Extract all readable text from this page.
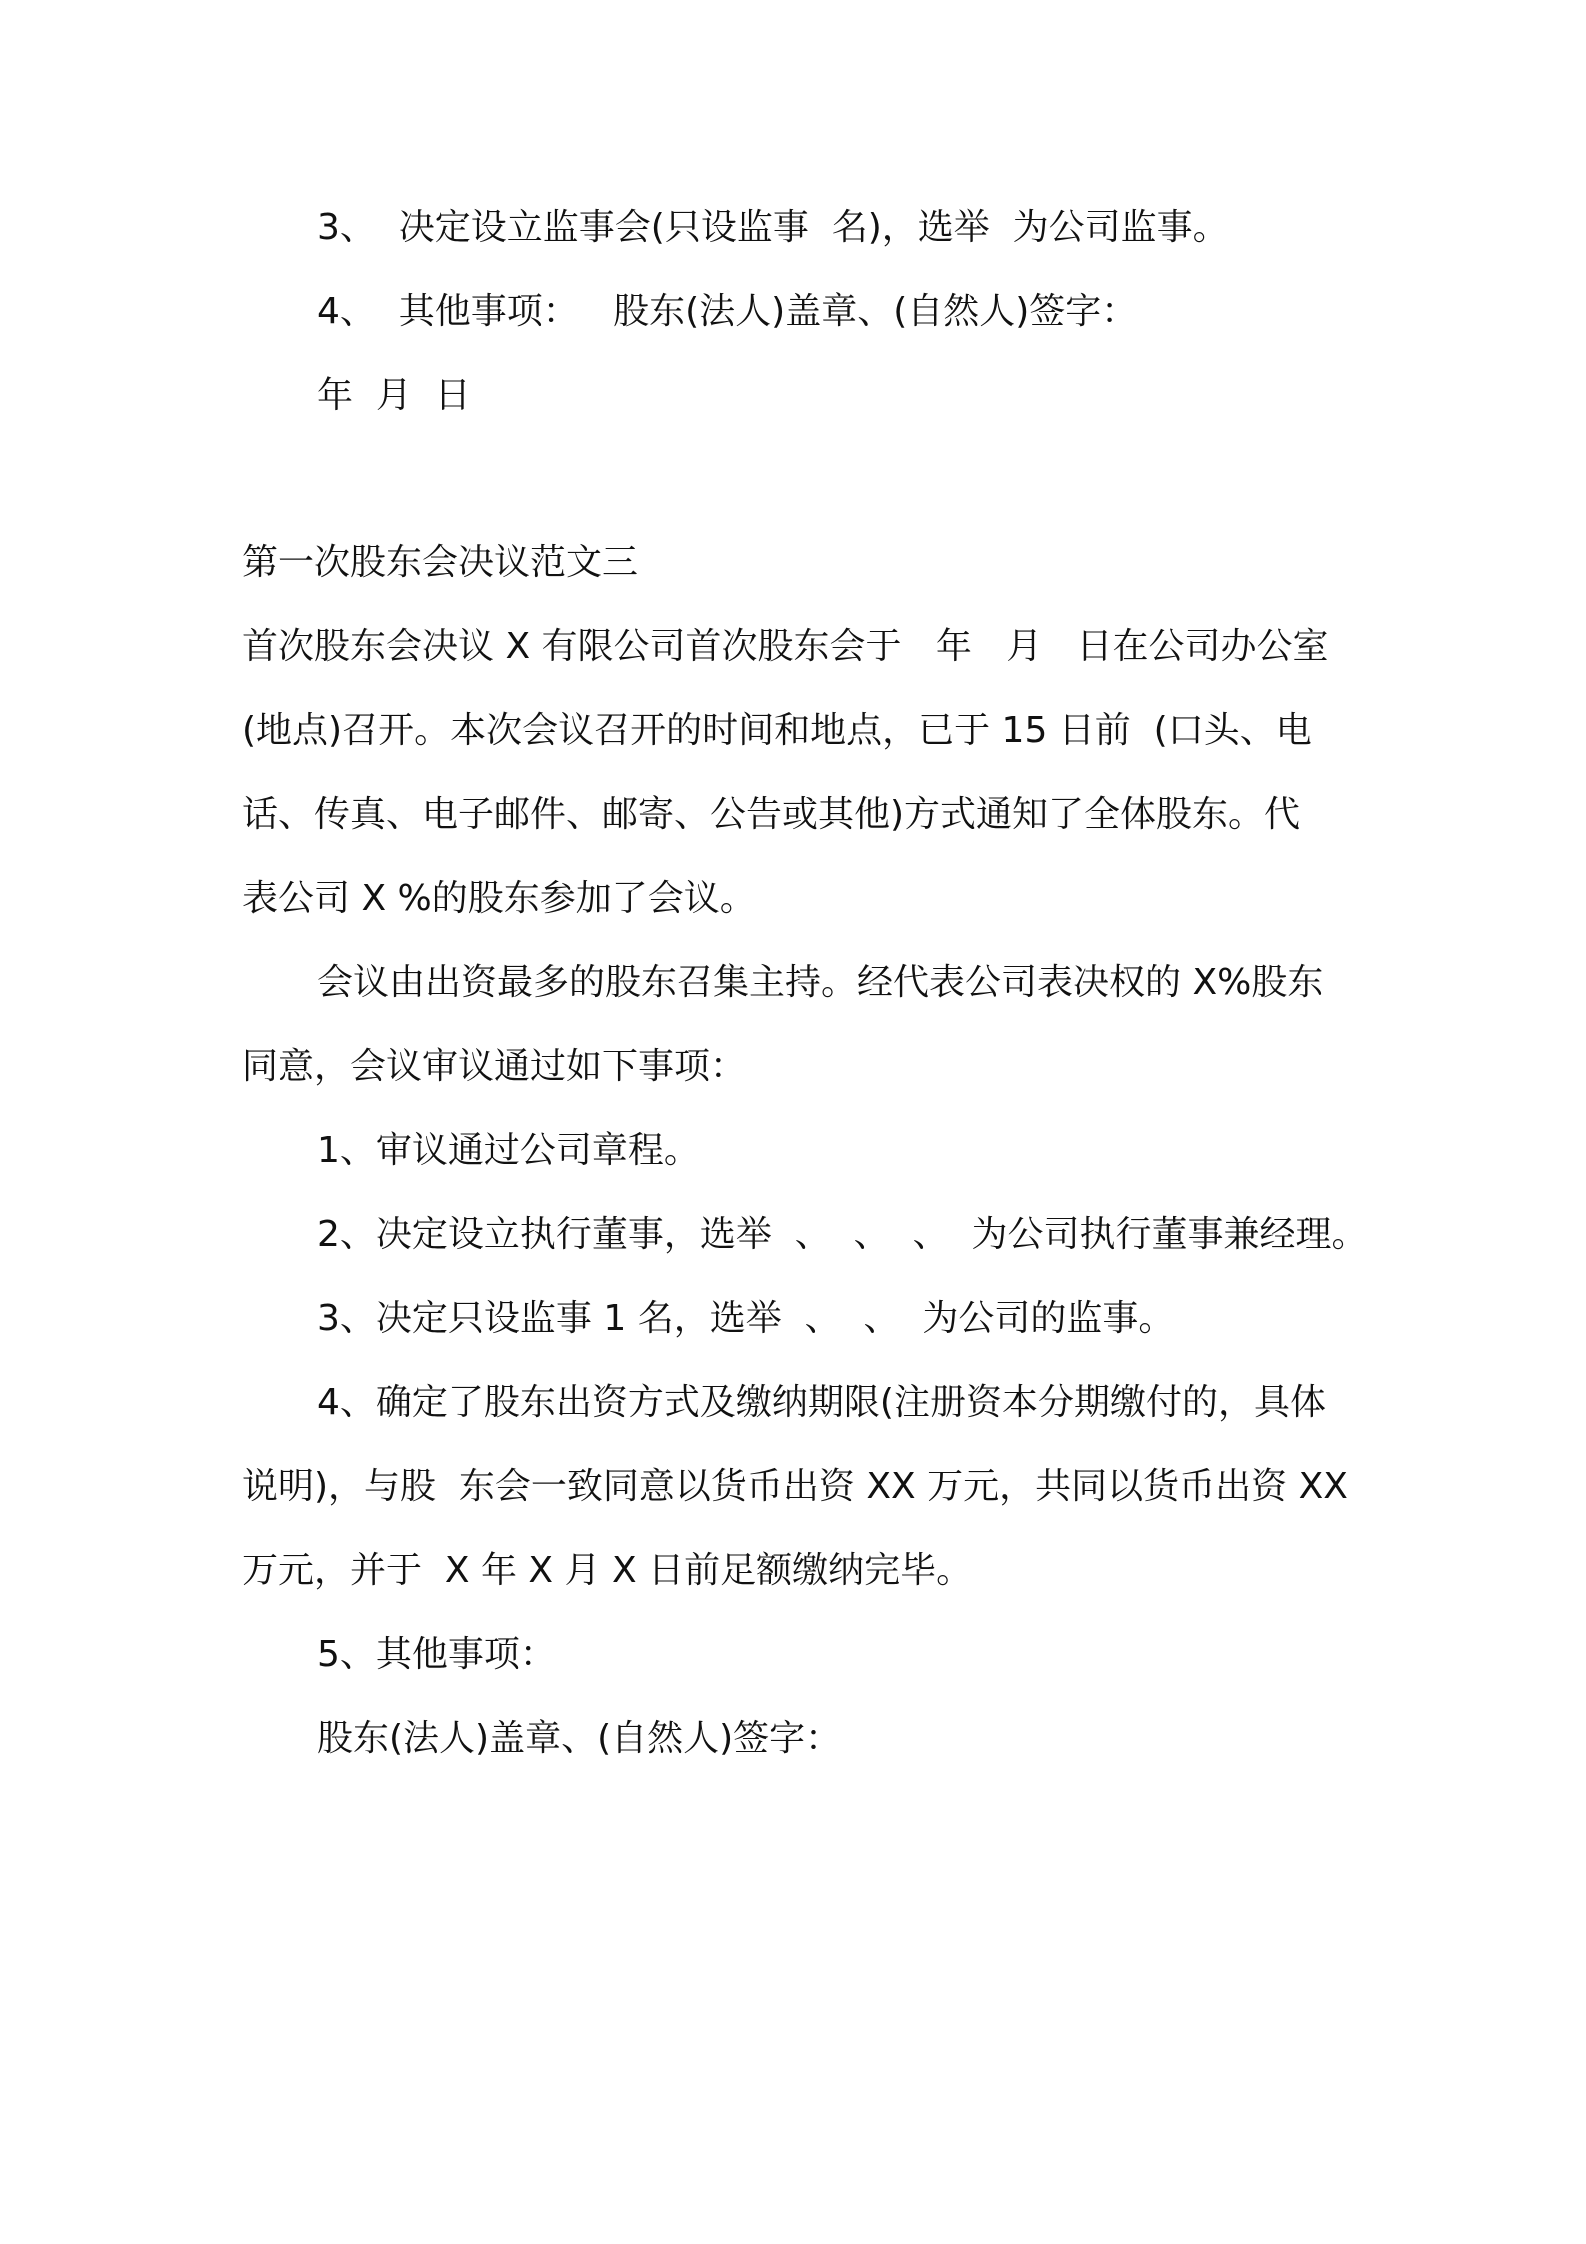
3、  决定设立监事会(只设监事  名)，选举  为公司监事。

4、  其他事项：   股东(法人)盖章、(自然人)签字：

年  月  日

第一次股东会决议范文三

首次股东会决议 X 有限公司首次股东会于   年   月   日在公司办公室

(地点)召开。本次会议召开的时间和地点，已于 15 日前  (口头、电

话、传真、电子邮件、邮寄、公告或其他)方式通知了全体股东。代

表公司 X %的股东参加了会议。

会议由出资最多的股东召集主持。经代表公司表决权的 X%股东

同意，会议审议通过如下事项：

1、审议通过公司章程。

2、决定设立执行董事，选举  、  、  、  为公司执行董事兼经理。

3、决定只设监事 1 名，选举  、  、  为公司的监事。

4、确定了股东出资方式及缴纳期限(注册资本分期缴付的，具体

说明)，与股  东会一致同意以货币出资 XX 万元，共同以货币出资 XX

万元，并于  X 年 X 月 X 日前足额缴纳完毕。

5、其他事项：

股东(法人)盖章、(自然人)签字：
